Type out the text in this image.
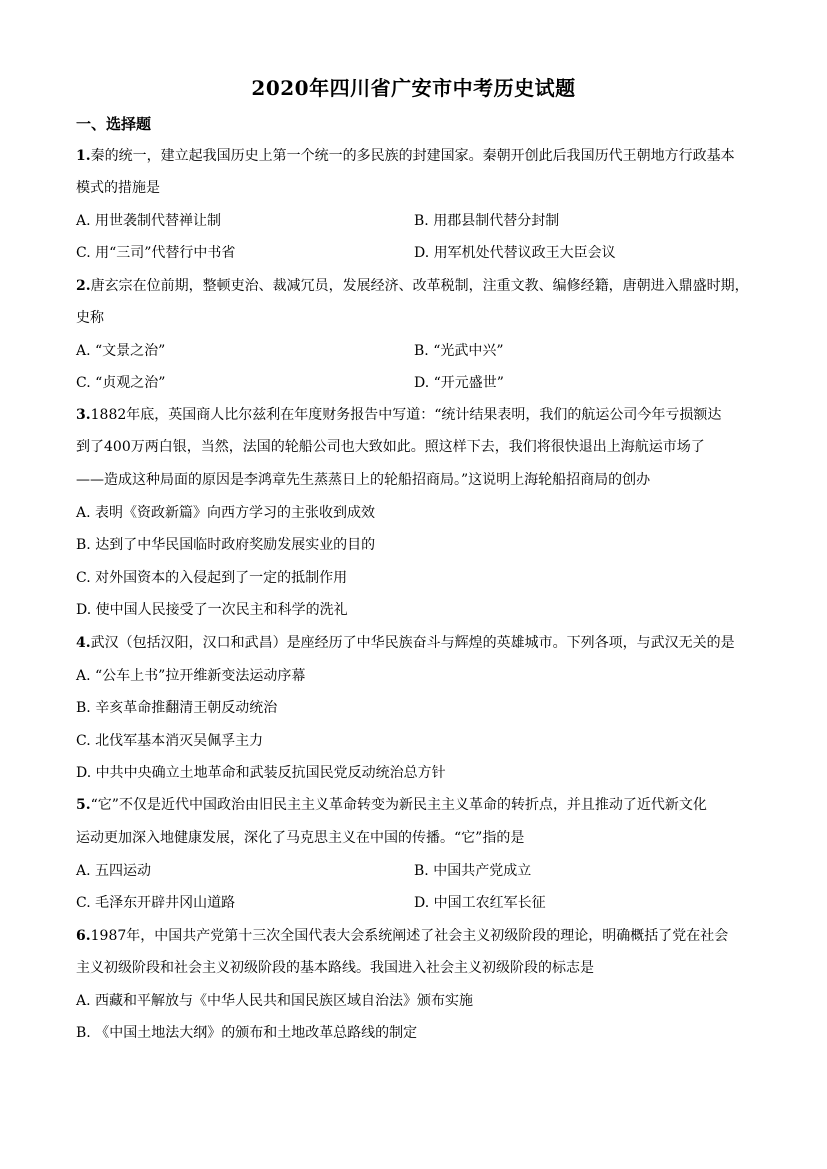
2020年四川省广安市中考历史试题
一、选择题
1.秦的统一，建立起我国历史上第一个统一的多民族的封建国家。秦朝开创此后我国历代王朝地方行政基本
模式的措施是
A. 用世袭制代替禅让制	B. 用郡县制代替分封制
C. 用“三司”代替行中书省	D. 用军机处代替议政王大臣会议
2.唐玄宗在位前期，整顿吏治、裁减冗员，发展经济、改革税制，注重文教、编修经籍，唐朝进入鼎盛时期，
史称
A. “文景之治”	B. “光武中兴”
C. “贞观之治”	D. “开元盛世”
3.1882年底，英国商人比尔兹利在年度财务报告中写道：“统计结果表明，我们的航运公司今年亏损额达
到了400万两白银，当然，法国的轮船公司也大致如此。照这样下去，我们将很快退出上海航运市场了
——造成这种局面的原因是李鸿章先生蒸蒸日上的轮船招商局。”这说明上海轮船招商局的创办
A. 表明《资政新篇》向西方学习的主张收到成效
B. 达到了中华民国临时政府奖励发展实业的目的
C. 对外国资本的入侵起到了一定的抵制作用
D. 使中国人民接受了一次民主和科学的洗礼
4.武汉（包括汉阳，汉口和武昌）是座经历了中华民族奋斗与辉煌的英雄城市。下列各项，与武汉无关的是
A. “公车上书”拉开维新变法运动序幕
B. 辛亥革命推翻清王朝反动统治
C. 北伐军基本消灭吴佩孚主力
D. 中共中央确立土地革命和武装反抗国民党反动统治总方针
5.“它”不仅是近代中国政治由旧民主主义革命转变为新民主主义革命的转折点，并且推动了近代新文化
运动更加深入地健康发展，深化了马克思主义在中国的传播。“它”指的是
A. 五四运动	B. 中国共产党成立
C. 毛泽东开辟井冈山道路	D. 中国工农红军长征
6.1987年，中国共产党第十三次全国代表大会系统阐述了社会主义初级阶段的理论，明确概括了党在社会
主义初级阶段和社会主义初级阶段的基本路线。我国进入社会主义初级阶段的标志是
A. 西藏和平解放与《中华人民共和国民族区域自治法》颁布实施
B. 《中国土地法大纲》的颁布和土地改革总路线的制定
